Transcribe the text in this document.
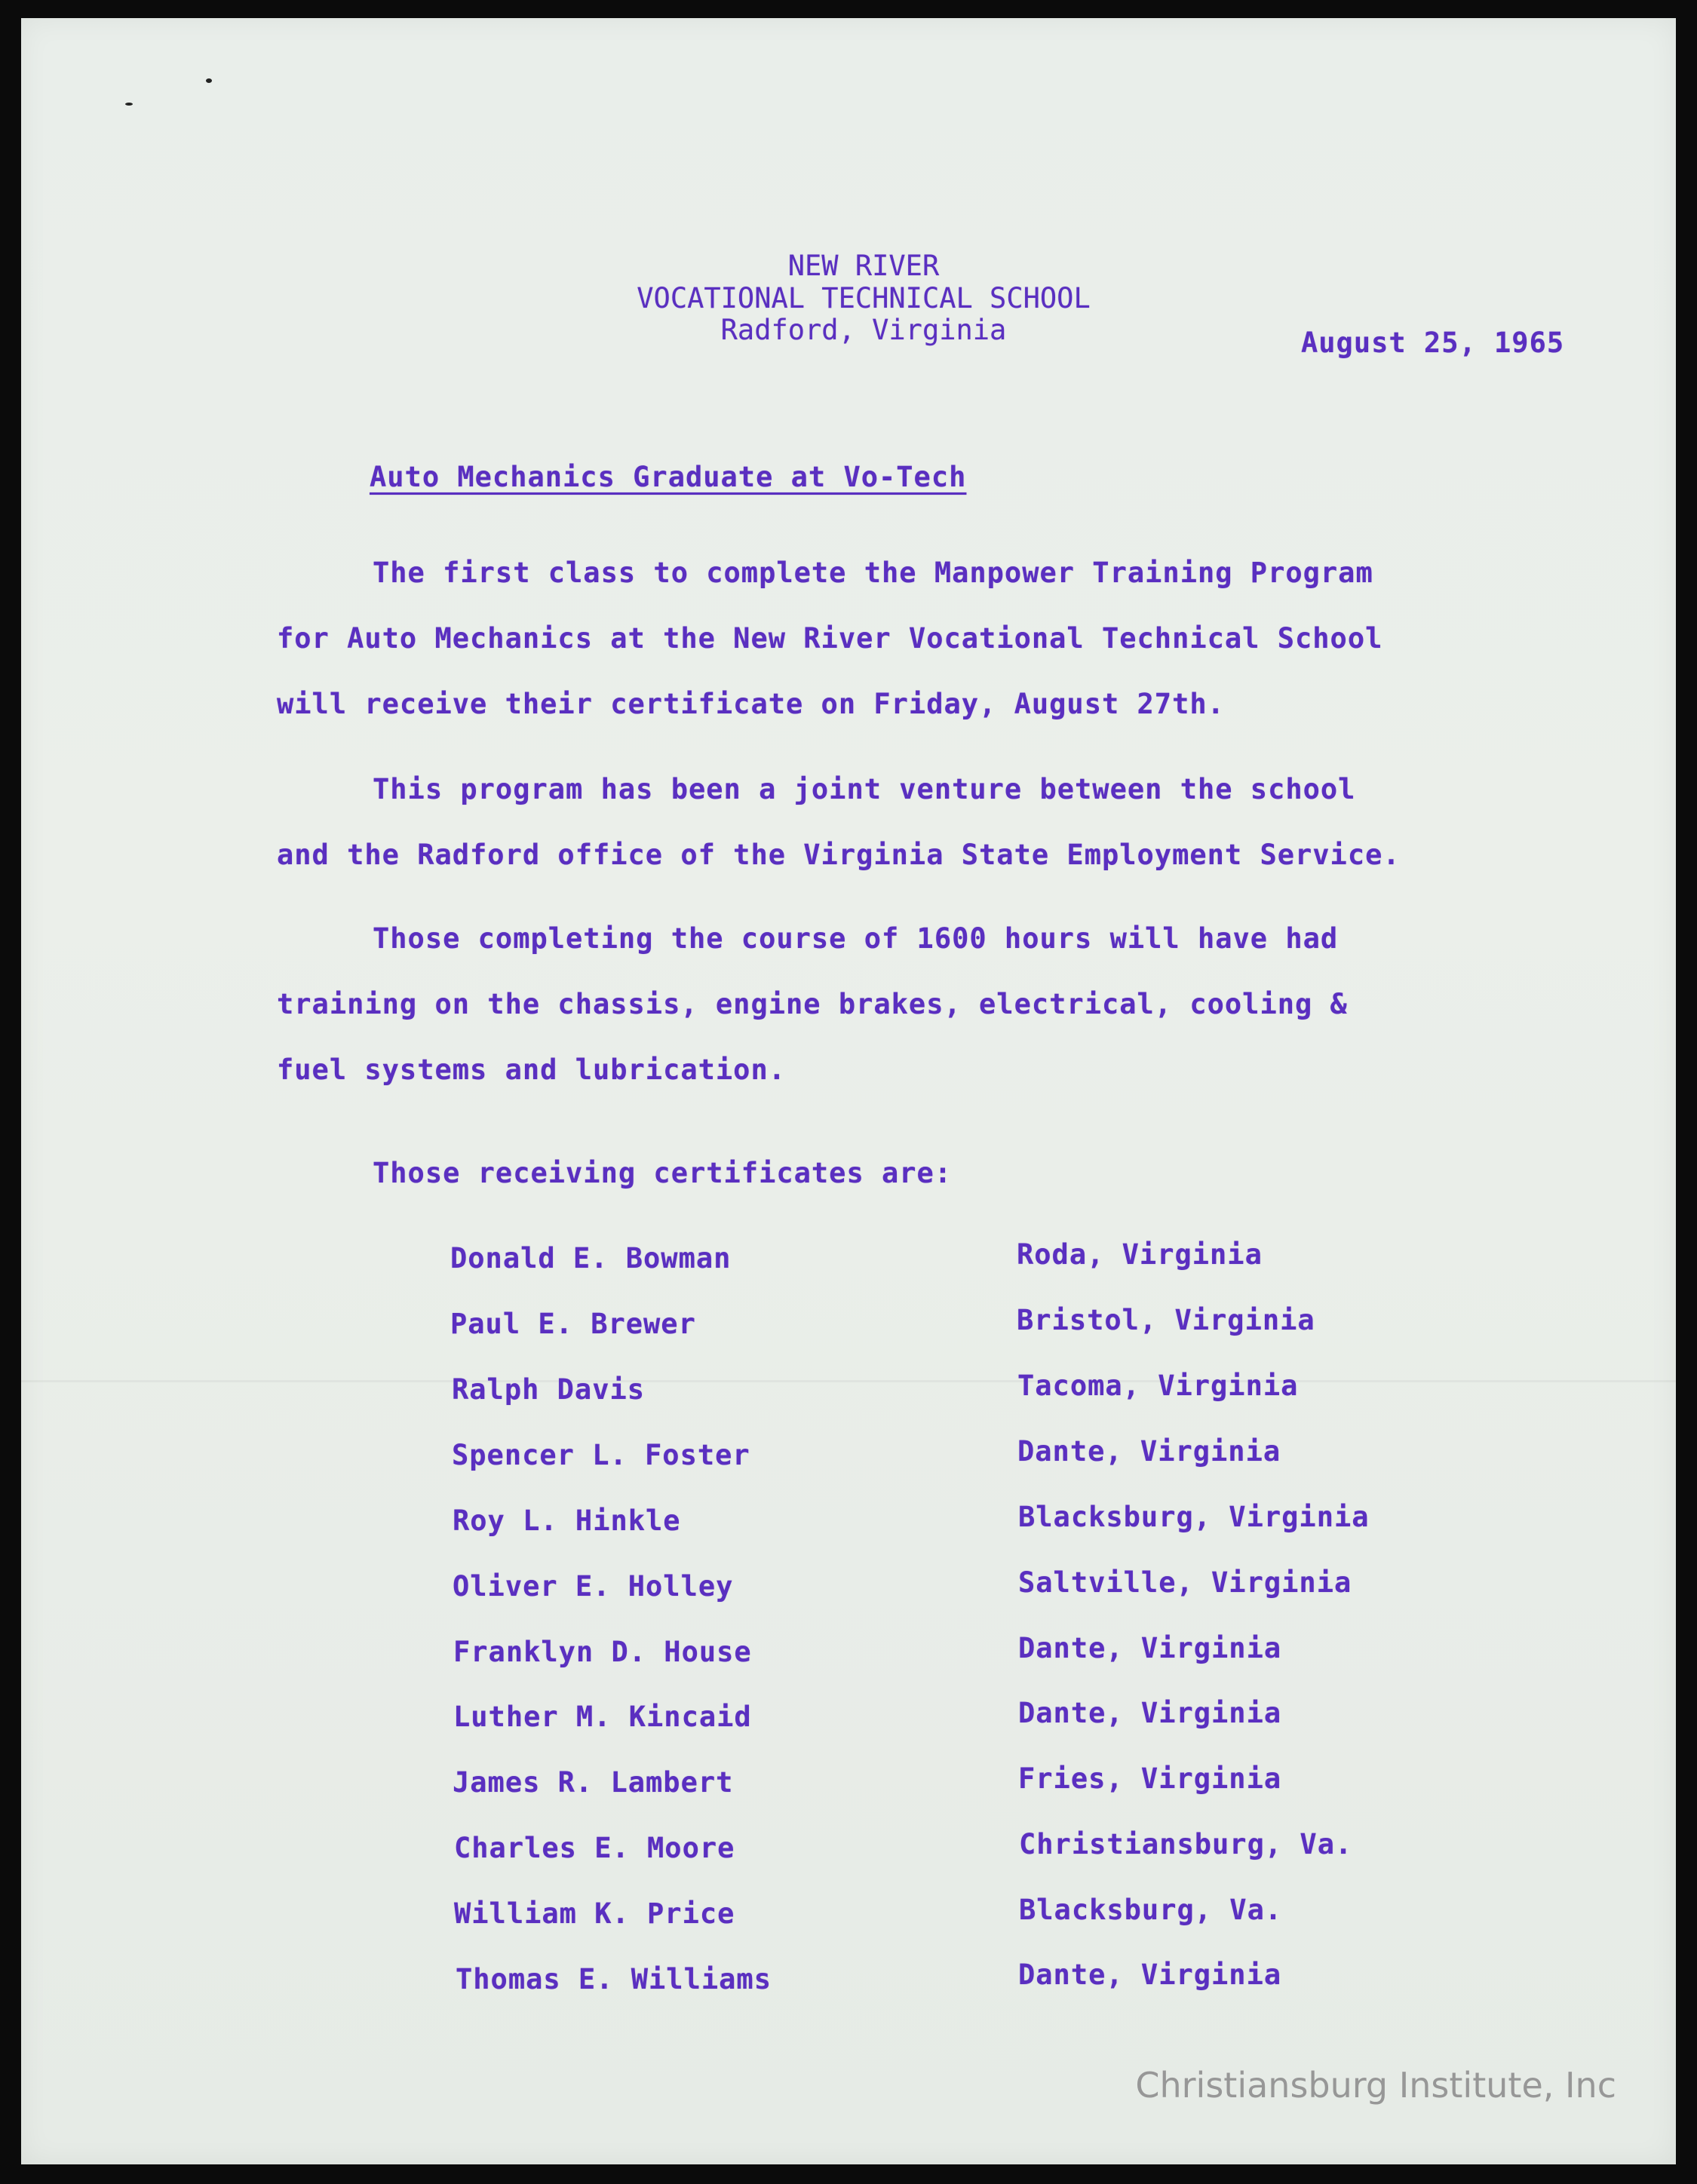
NEW RIVER
VOCATIONAL TECHNICAL SCHOOL
Radford, Virginia	August 25, 1965
Auto Mechanics Graduate at Vo-Tech
The first class to complete the Manpower Training Program
for Auto Mechanics at the New River Vocational Technical School
will receive their certificate on Friday, August 27th.
This program has been a joint venture between the school
and the Radford office of the Virginia State Employment Service.
Those completing the course of 1600 hours will have had
training on the chassis, engine brakes, electrical, cooling &
fuel systems and lubrication.
Those receiving certificates are:
Donald E. Bowman	Roda, Virginia
Paul E. Brewer	Bristol, Virginia
Ralph Davis	Tacoma, Virginia
Spencer L. Foster	Dante, Virginia
Roy L. Hinkle	Blacksburg, Virginia
Oliver E. Holley	Saltville, Virginia
Franklyn D. House	Dante, Virginia
Luther M. Kincaid	Dante, Virginia
James R. Lambert	Fries, Virginia
Charles E. Moore	Christiansburg, Va.
William K. Price	Blacksburg, Va.
Thomas E. Williams	Dante, Virginia
Christiansburg Institute, Inc
